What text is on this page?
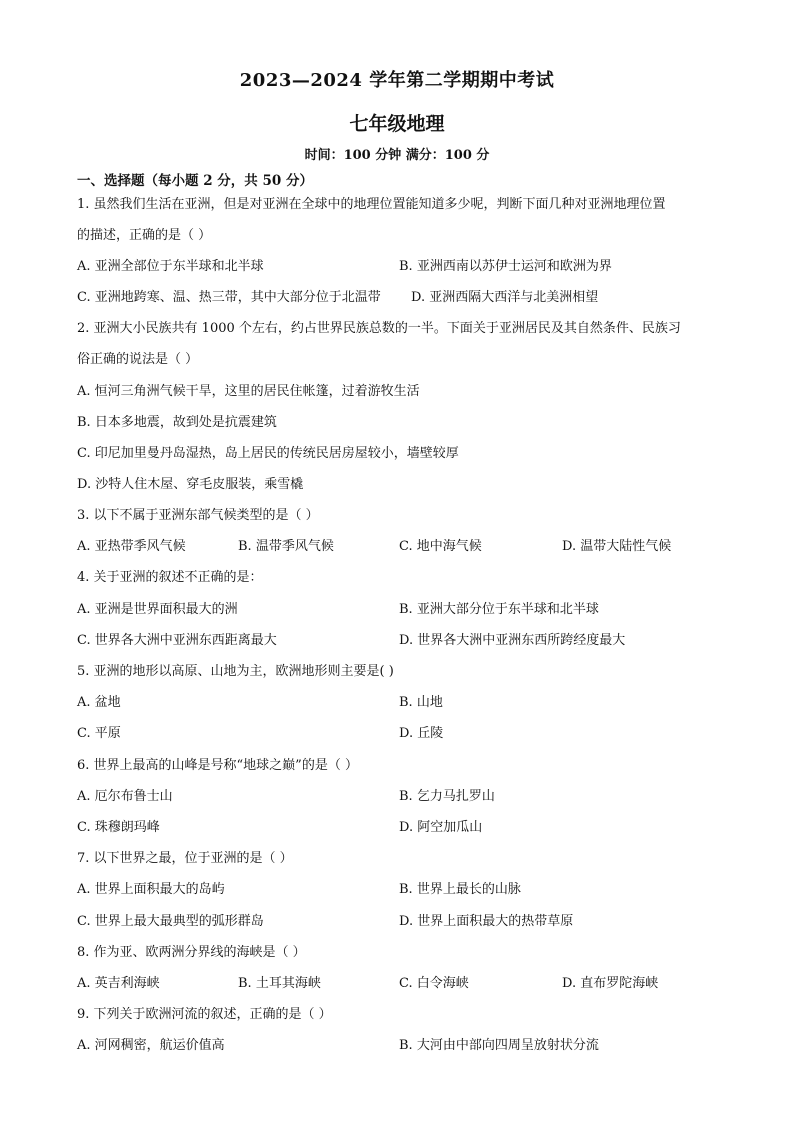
2023—2024 学年第二学期期中考试
七年级地理
时间：100 分钟 满分：100 分
一、选择题（每小题 2 分，共 50 分）
1. 虽然我们生活在亚洲，但是对亚洲在全球中的地理位置能知道多少呢，判断下面几种对亚洲地理位置
的描述，正确的是（ ）
A. 亚洲全部位于东半球和北半球	B. 亚洲西南以苏伊士运河和欧洲为界
C. 亚洲地跨寒、温、热三带，其中大部分位于北温带 D. 亚洲西隔大西洋与北美洲相望
2. 亚洲大小民族共有 1000 个左右，约占世界民族总数的一半。下面关于亚洲居民及其自然条件、民族习
俗正确的说法是（ ）
A. 恒河三角洲气候干旱，这里的居民住帐篷，过着游牧生活
B. 日本多地震，故到处是抗震建筑
C. 印尼加里曼丹岛湿热，岛上居民的传统民居房屋较小，墙壁较厚
D. 沙特人住木屋、穿毛皮服装，乘雪橇
3. 以下不属于亚洲东部气候类型的是（ ）
A. 亚热带季风气候	B. 温带季风气候	C. 地中海气候	D. 温带大陆性气候
4. 关于亚洲的叙述不正确的是：
A. 亚洲是世界面积最大的洲	B. 亚洲大部分位于东半球和北半球
C. 世界各大洲中亚洲东西距离最大	D. 世界各大洲中亚洲东西所跨经度最大
5. 亚洲的地形以高原、山地为主，欧洲地形则主要是( )
A. 盆地	B. 山地
C. 平原	D. 丘陵
6. 世界上最高的山峰是号称“地球之巅”的是（ ）
A. 厄尔布鲁士山	B. 乞力马扎罗山
C. 珠穆朗玛峰	D. 阿空加瓜山
7. 以下世界之最，位于亚洲的是（ ）
A. 世界上面积最大的岛屿	B. 世界上最长的山脉
C. 世界上最大最典型的弧形群岛	D. 世界上面积最大的热带草原
8. 作为亚、欧两洲分界线的海峡是（ ）
A. 英吉利海峡	B. 土耳其海峡	C. 白令海峡	D. 直布罗陀海峡
9. 下列关于欧洲河流的叙述，正确的是（ ）
A. 河网稠密，航运价值高	B. 大河由中部向四周呈放射状分流
